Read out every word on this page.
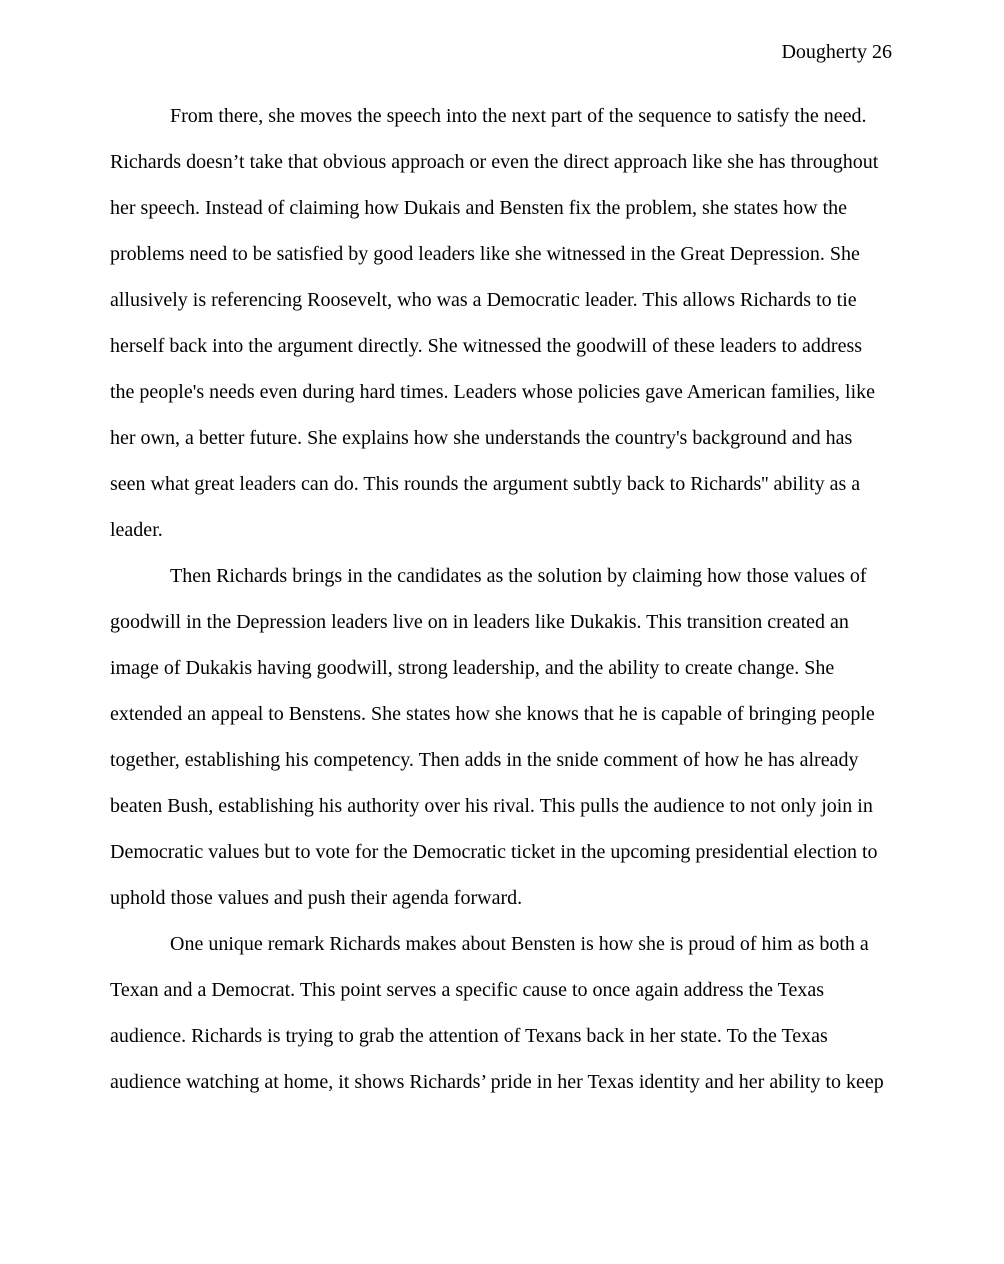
Dougherty 26
From there, she moves the speech into the next part of the sequence to satisfy the need.
Richards doesn’t take that obvious approach or even the direct approach like she has throughout
her speech. Instead of claiming how Dukais and Bensten fix the problem, she states how the
problems need to be satisfied by good leaders like she witnessed in the Great Depression. She
allusively is referencing Roosevelt, who was a Democratic leader. This allows Richards to tie
herself back into the argument directly. She witnessed the goodwill of these leaders to address
the people's needs even during hard times. Leaders whose policies gave American families, like
her own, a better future. She explains how she understands the country's background and has
seen what great leaders can do. This rounds the argument subtly back to Richards'' ability as a
leader.
Then Richards brings in the candidates as the solution by claiming how those values of
goodwill in the Depression leaders live on in leaders like Dukakis. This transition created an
image of Dukakis having goodwill, strong leadership, and the ability to create change. She
extended an appeal to Benstens. She states how she knows that he is capable of bringing people
together, establishing his competency. Then adds in the snide comment of how he has already
beaten Bush, establishing his authority over his rival. This pulls the audience to not only join in
Democratic values but to vote for the Democratic ticket in the upcoming presidential election to
uphold those values and push their agenda forward.
One unique remark Richards makes about Bensten is how she is proud of him as both a
Texan and a Democrat. This point serves a specific cause to once again address the Texas
audience. Richards is trying to grab the attention of Texans back in her state. To the Texas
audience watching at home, it shows Richards’ pride in her Texas identity and her ability to keep
